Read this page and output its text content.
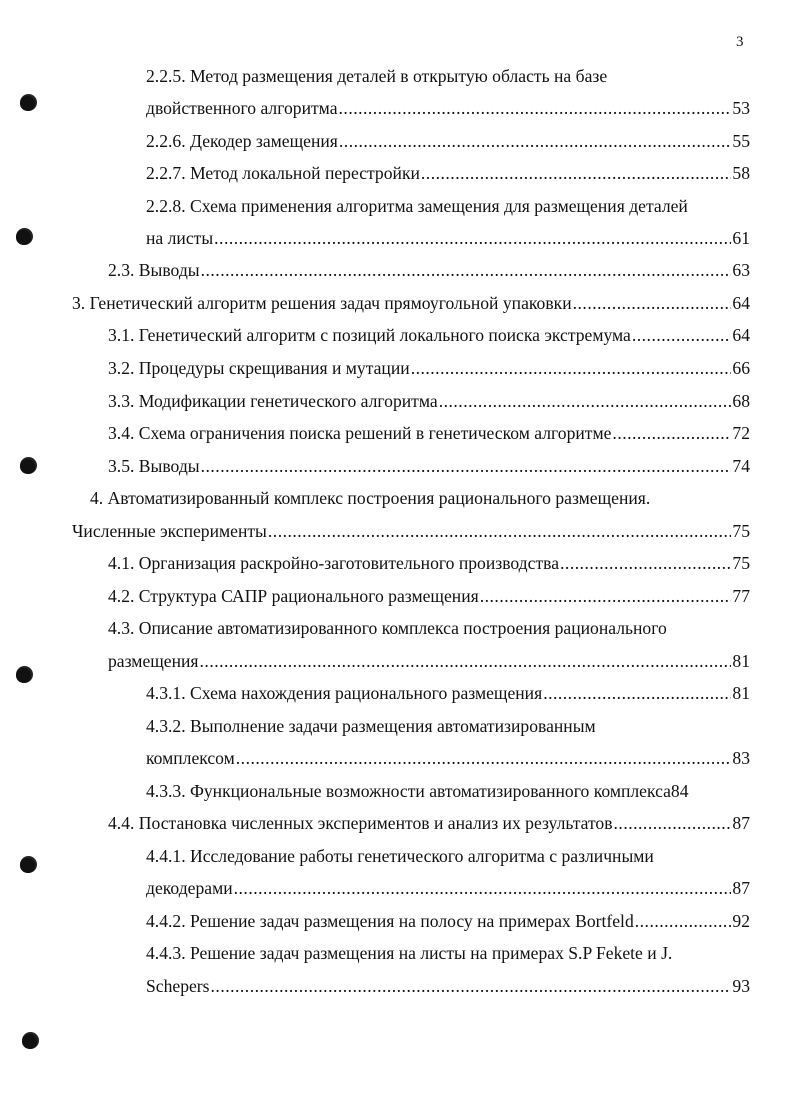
3
2.2.5. Метод размещения деталей в открытую область на базе
двойственного алгоритма .....	53
2.2.6. Декодер замещения .....	55
2.2.7. Метод локальной перестройки .....	58
2.2.8. Схема применения алгоритма замещения для размещения деталей
на листы .....	61
2.3. Выводы .....	63
3. Генетический алгоритм решения задач прямоугольной упаковки .....	64
3.1. Генетический алгоритм с позиций локального поиска экстремума .....	64
3.2. Процедуры скрещивания и мутации .....	66
3.3. Модификации генетического алгоритма .....	68
3.4. Схема ограничения поиска решений в генетическом алгоритме .....	72
3.5. Выводы .....	74
4. Автоматизированный комплекс построения рационального размещения.
Численные эксперименты .....	75
4.1. Организация раскройно-заготовительного производства .....	75
4.2. Структура САПР рационального размещения .....	77
4.3. Описание автоматизированного комплекса построения рационального
размещения .....	81
4.3.1. Схема нахождения рационального размещения .....	81
4.3.2. Выполнение задачи размещения автоматизированным
комплексом .....	83
4.3.3. Функциональные возможности автоматизированного комплекса 84
4.4. Постановка численных экспериментов и анализ их результатов .....	87
4.4.1. Исследование работы генетического алгоритма с различными
декодерами .....	87
4.4.2. Решение задач размещения на полосу на примерах Bortfeld .....	92
4.4.3. Решение задач размещения на листы на примерах S.P Fekete и J.
Schepers .....	93
